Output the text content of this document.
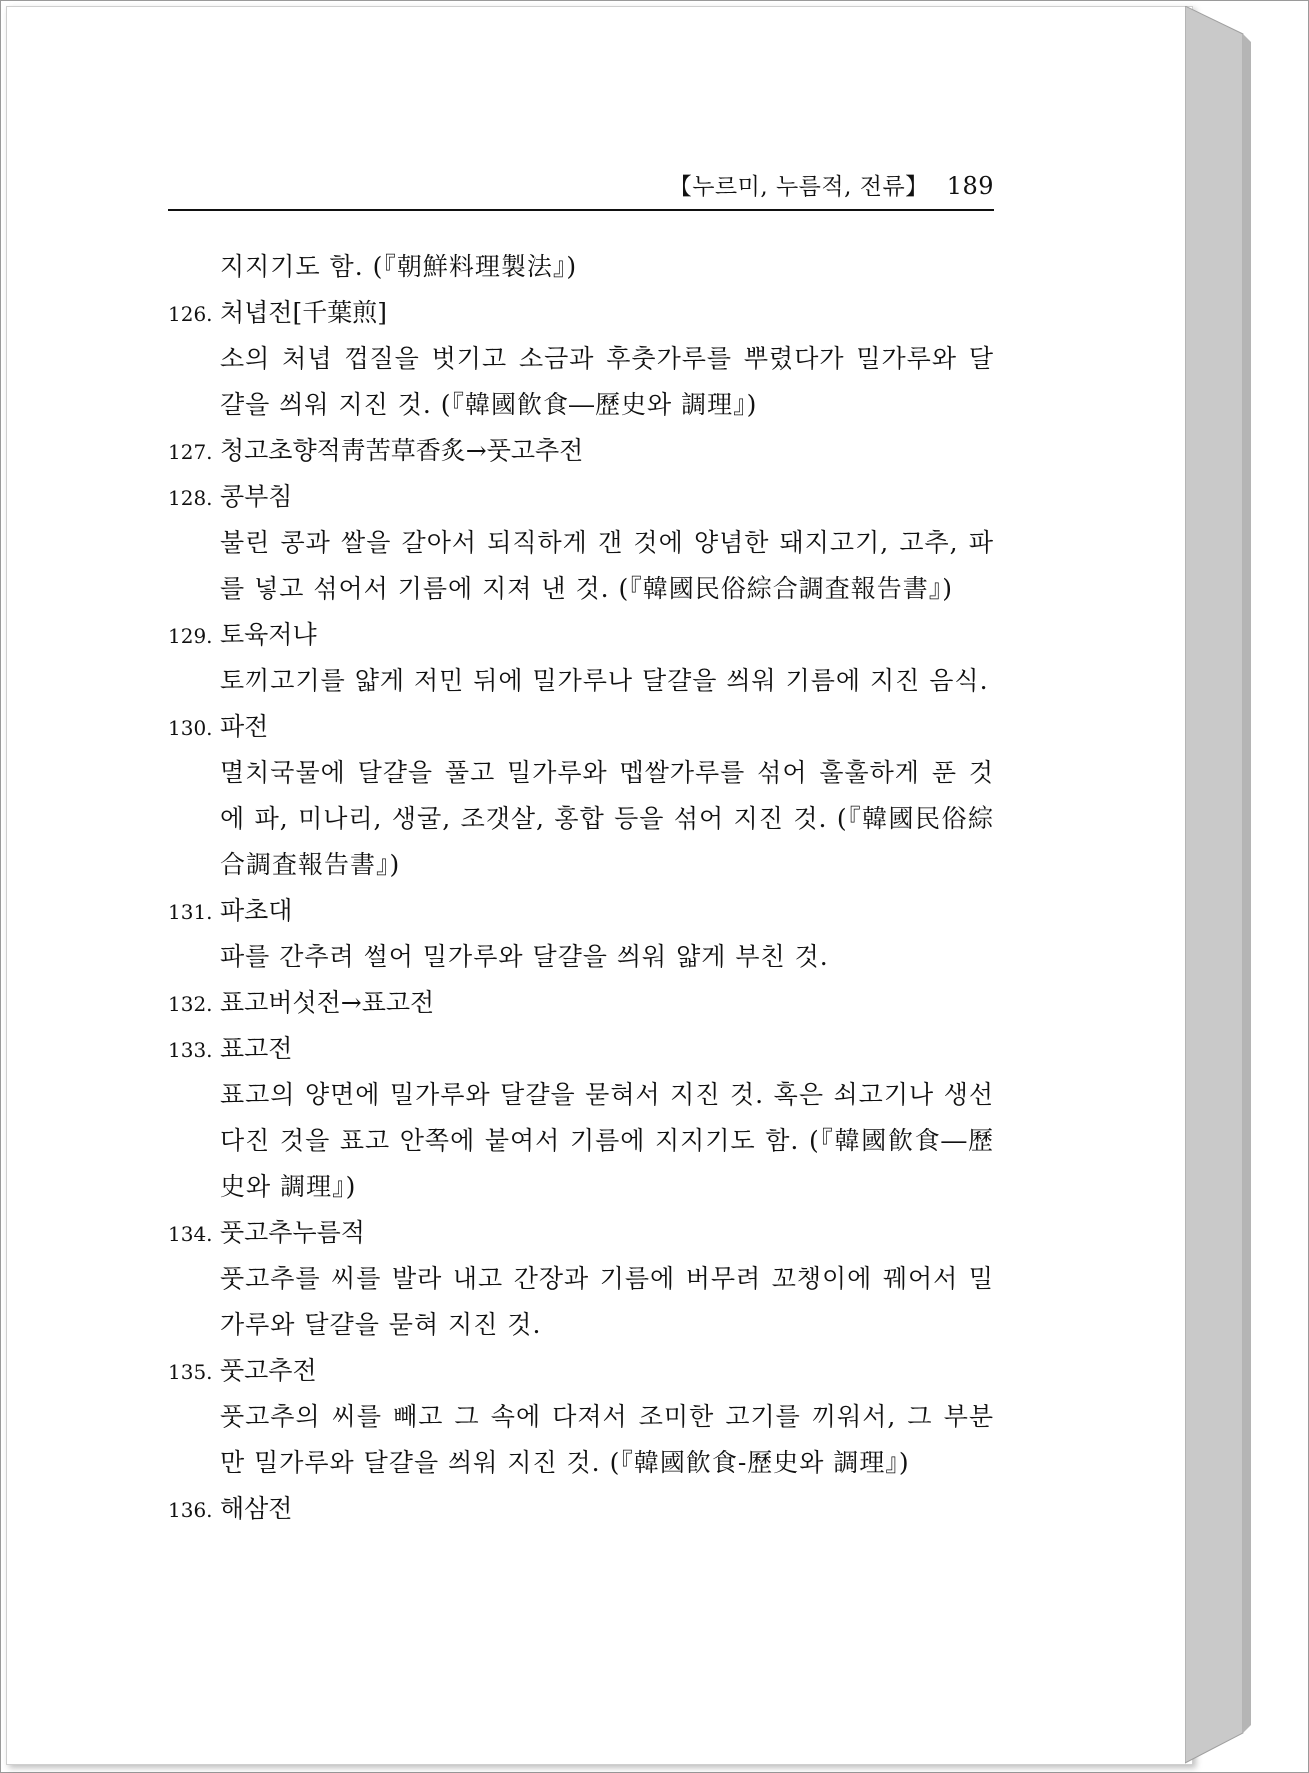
【누르미, 누름적, 전류】 189
지지기도 함. (『朝鮮料理製法』)
126. 처녑전[千葉煎]
소의 처녑 껍질을 벗기고 소금과 후춧가루를 뿌렸다가 밀가루와 달걀을 씌워 지진 것. (『韓國飮食―歷史와 調理』)
127. 청고초향적靑苦草香炙→풋고추전
128. 콩부침
불린 콩과 쌀을 갈아서 되직하게 갠 것에 양념한 돼지고기, 고추, 파를 넣고 섞어서 기름에 지져 낸 것. (『韓國民俗綜合調査報告書』)
129. 토육저냐
토끼고기를 얇게 저민 뒤에 밀가루나 달걀을 씌워 기름에 지진 음식.
130. 파전
멸치국물에 달걀을 풀고 밀가루와 멥쌀가루를 섞어 훌훌하게 푼 것에 파, 미나리, 생굴, 조갯살, 홍합 등을 섞어 지진 것. (『韓國民俗綜合調査報告書』)
131. 파초대
파를 간추려 썰어 밀가루와 달걀을 씌워 얇게 부친 것.
132. 표고버섯전→표고전
133. 표고전
표고의 양면에 밀가루와 달걀을 묻혀서 지진 것. 혹은 쇠고기나 생선 다진 것을 표고 안쪽에 붙여서 기름에 지지기도 함. (『韓國飮食―歷史와 調理』)
134. 풋고추누름적
풋고추를 씨를 발라 내고 간장과 기름에 버무려 꼬챙이에 꿰어서 밀가루와 달걀을 묻혀 지진 것.
135. 풋고추전
풋고추의 씨를 빼고 그 속에 다져서 조미한 고기를 끼워서, 그 부분만 밀가루와 달걀을 씌워 지진 것. (『韓國飮食-歷史와 調理』)
136. 해삼전
